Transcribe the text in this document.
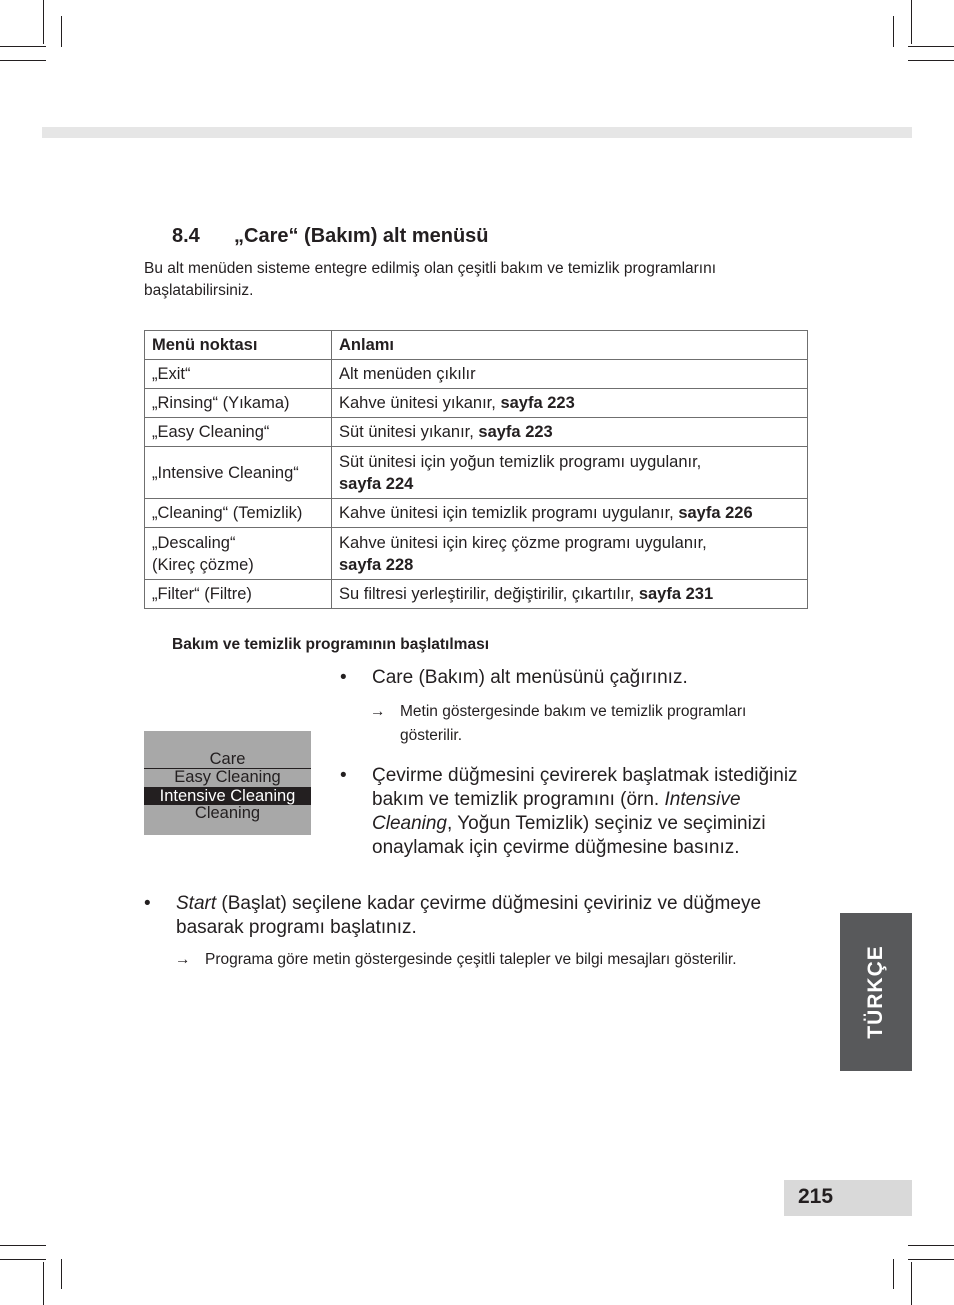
8.4 „Care“ (Bakım) alt menüsü
Bu alt menüden sisteme entegre edilmiş olan çeşitli bakım ve temizlik programlarını başlatabilirsiniz.
Menü noktası	Anlamı
„Exit“	Alt menüden çıkılır
„Rinsing“ (Yıkama)	Kahve ünitesi yıkanır, sayfa 223
„Easy Cleaning“	Süt ünitesi yıkanır, sayfa 223
„Intensive Cleaning“	Süt ünitesi için yoğun temizlik programı uygulanır,
sayfa 224
„Cleaning“ (Temizlik)	Kahve ünitesi için temizlik programı uygulanır, sayfa 226
„Descaling“
(Kireç çözme)	Kahve ünitesi için kireç çözme programı uygulanır,
sayfa 228
„Filter“ (Filtre)	Su filtresi yerleştirilir, değiştirilir, çıkartılır, sayfa 231
Bakım ve temizlik programının başlatılması
• Care (Bakım) alt menüsünü çağırınız.
→ Metin göstergesinde bakım ve temizlik programları gösterilir.
Care
Easy Cleaning
Intensive Cleaning
Cleaning
• Çevirme düğmesini çevirerek başlatmak istediğiniz bakım ve temizlik programını (örn. Intensive Cleaning, Yoğun Temizlik) seçiniz ve seçiminizi onaylamak için çevirme düğmesine basınız.
• Start (Başlat) seçilene kadar çevirme düğmesini çeviriniz ve düğmeye basarak programı başlatınız.
→ Programa göre metin göstergesinde çeşitli talepler ve bilgi mesajları gösterilir.	TÜRKÇE
215
